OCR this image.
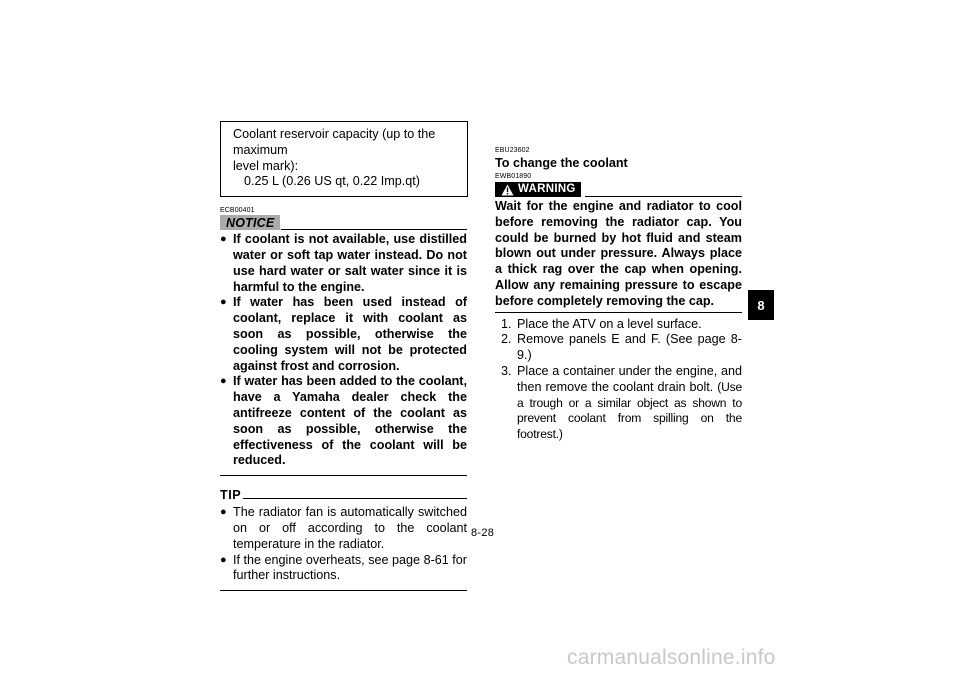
Coolant reservoir capacity (up to the maximum
level mark):
0.25 L (0.26 US qt, 0.22 Imp.qt)
ECB00401
NOTICE
● If coolant is not available, use distilled water or soft tap water instead. Do not use hard water or salt water since it is harmful to the engine.
● If water has been used instead of coolant, replace it with coolant as soon as possible, otherwise the cooling system will not be protected against frost and corrosion.
● If water has been added to the coolant, have a Yamaha dealer check the antifreeze content of the coolant as soon as possible, otherwise the effectiveness of the coolant will be reduced.
TIP
● The radiator fan is automatically switched on or off according to the coolant temperature in the radiator.
● If the engine overheats, see page 8-61 for further instructions.
EBU23602
To change the coolant
EWB01890
WARNING
Wait for the engine and radiator to cool before removing the radiator cap. You could be burned by hot fluid and steam blown out under pressure. Always place a thick rag over the cap when opening. Allow any remaining pressure to escape before completely removing the cap.
1. Place the ATV on a level surface.
2. Remove panels E and F. (See page 8-9.)
3. Place a container under the engine, and then remove the coolant drain bolt. (Use a trough or a similar object as shown to prevent coolant from spilling on the footrest.)
8-28
8
carmanualsonline.info
